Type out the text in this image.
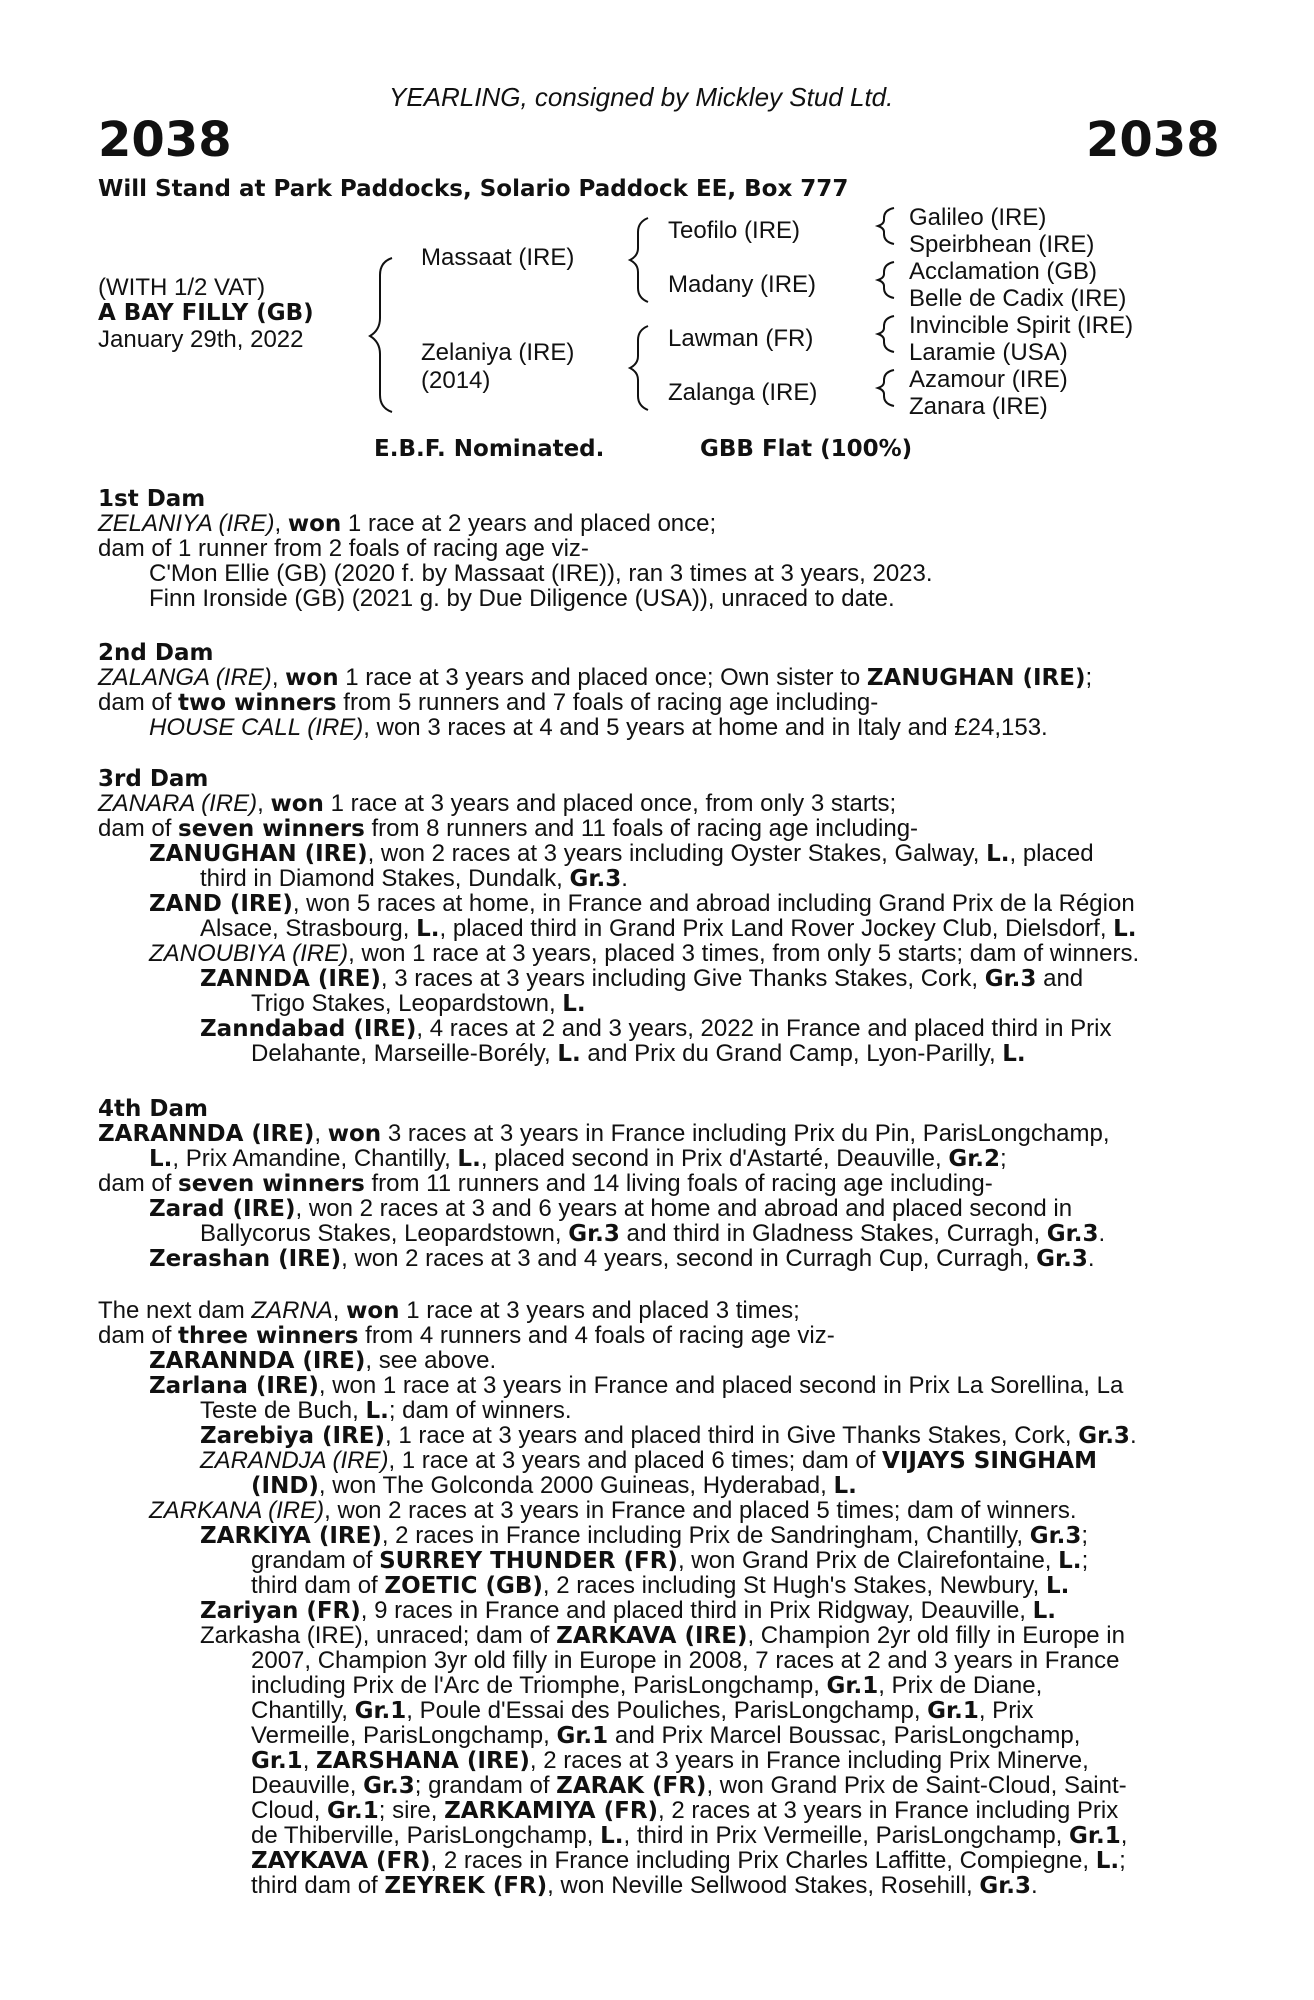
YEARLING, consigned by Mickley Stud Ltd.
2038	2038
Will Stand at Park Paddocks, Solario Paddock EE, Box 777
(WITH 1/2 VAT)
A BAY FILLY (GB)
January 29th, 2022
Massaat (IRE)
Zelaniya (IRE)
(2014)
Teofilo (IRE)
Madany (IRE)
Lawman (FR)
Zalanga (IRE)
Galileo (IRE)
Speirbhean (IRE)
Acclamation (GB)
Belle de Cadix (IRE)
Invincible Spirit (IRE)
Laramie (USA)
Azamour (IRE)
Zanara (IRE)
E.B.F. Nominated.	GBB Flat (100%)
1st Dam
ZELANIYA (IRE), won 1 race at 2 years and placed once;
dam of 1 runner from 2 foals of racing age viz-
C'Mon Ellie (GB) (2020 f. by Massaat (IRE)), ran 3 times at 3 years, 2023.
Finn Ironside (GB) (2021 g. by Due Diligence (USA)), unraced to date.
2nd Dam
ZALANGA (IRE), won 1 race at 3 years and placed once; Own sister to ZANUGHAN (IRE);
dam of two winners from 5 runners and 7 foals of racing age including-
HOUSE CALL (IRE), won 3 races at 4 and 5 years at home and in Italy and £24,153.
3rd Dam
ZANARA (IRE), won 1 race at 3 years and placed once, from only 3 starts;
dam of seven winners from 8 runners and 11 foals of racing age including-
ZANUGHAN (IRE), won 2 races at 3 years including Oyster Stakes, Galway, L., placed
third in Diamond Stakes, Dundalk, Gr.3.
ZAND (IRE), won 5 races at home, in France and abroad including Grand Prix de la Région
Alsace, Strasbourg, L., placed third in Grand Prix Land Rover Jockey Club, Dielsdorf, L.
ZANOUBIYA (IRE), won 1 race at 3 years, placed 3 times, from only 5 starts; dam of winners.
ZANNDA (IRE), 3 races at 3 years including Give Thanks Stakes, Cork, Gr.3 and
Trigo Stakes, Leopardstown, L.
Zanndabad (IRE), 4 races at 2 and 3 years, 2022 in France and placed third in Prix
Delahante, Marseille-Borély, L. and Prix du Grand Camp, Lyon-Parilly, L.
4th Dam
ZARANNDA (IRE), won 3 races at 3 years in France including Prix du Pin, ParisLongchamp,
L., Prix Amandine, Chantilly, L., placed second in Prix d'Astarté, Deauville, Gr.2;
dam of seven winners from 11 runners and 14 living foals of racing age including-
Zarad (IRE), won 2 races at 3 and 6 years at home and abroad and placed second in
Ballycorus Stakes, Leopardstown, Gr.3 and third in Gladness Stakes, Curragh, Gr.3.
Zerashan (IRE), won 2 races at 3 and 4 years, second in Curragh Cup, Curragh, Gr.3.
The next dam ZARNA, won 1 race at 3 years and placed 3 times;
dam of three winners from 4 runners and 4 foals of racing age viz-
ZARANNDA (IRE), see above.
Zarlana (IRE), won 1 race at 3 years in France and placed second in Prix La Sorellina, La
Teste de Buch, L.; dam of winners.
Zarebiya (IRE), 1 race at 3 years and placed third in Give Thanks Stakes, Cork, Gr.3.
ZARANDJA (IRE), 1 race at 3 years and placed 6 times; dam of VIJAYS SINGHAM
(IND), won The Golconda 2000 Guineas, Hyderabad, L.
ZARKANA (IRE), won 2 races at 3 years in France and placed 5 times; dam of winners.
ZARKIYA (IRE), 2 races in France including Prix de Sandringham, Chantilly, Gr.3;
grandam of SURREY THUNDER (FR), won Grand Prix de Clairefontaine, L.;
third dam of ZOETIC (GB), 2 races including St Hugh's Stakes, Newbury, L.
Zariyan (FR), 9 races in France and placed third in Prix Ridgway, Deauville, L.
Zarkasha (IRE), unraced; dam of ZARKAVA (IRE), Champion 2yr old filly in Europe in
2007, Champion 3yr old filly in Europe in 2008, 7 races at 2 and 3 years in France
including Prix de l'Arc de Triomphe, ParisLongchamp, Gr.1, Prix de Diane,
Chantilly, Gr.1, Poule d'Essai des Pouliches, ParisLongchamp, Gr.1, Prix
Vermeille, ParisLongchamp, Gr.1 and Prix Marcel Boussac, ParisLongchamp,
Gr.1, ZARSHANA (IRE), 2 races at 3 years in France including Prix Minerve,
Deauville, Gr.3; grandam of ZARAK (FR), won Grand Prix de Saint-Cloud, Saint-
Cloud, Gr.1; sire, ZARKAMIYA (FR), 2 races at 3 years in France including Prix
de Thiberville, ParisLongchamp, L., third in Prix Vermeille, ParisLongchamp, Gr.1,
ZAYKAVA (FR), 2 races in France including Prix Charles Laffitte, Compiegne, L.;
third dam of ZEYREK (FR), won Neville Sellwood Stakes, Rosehill, Gr.3.
